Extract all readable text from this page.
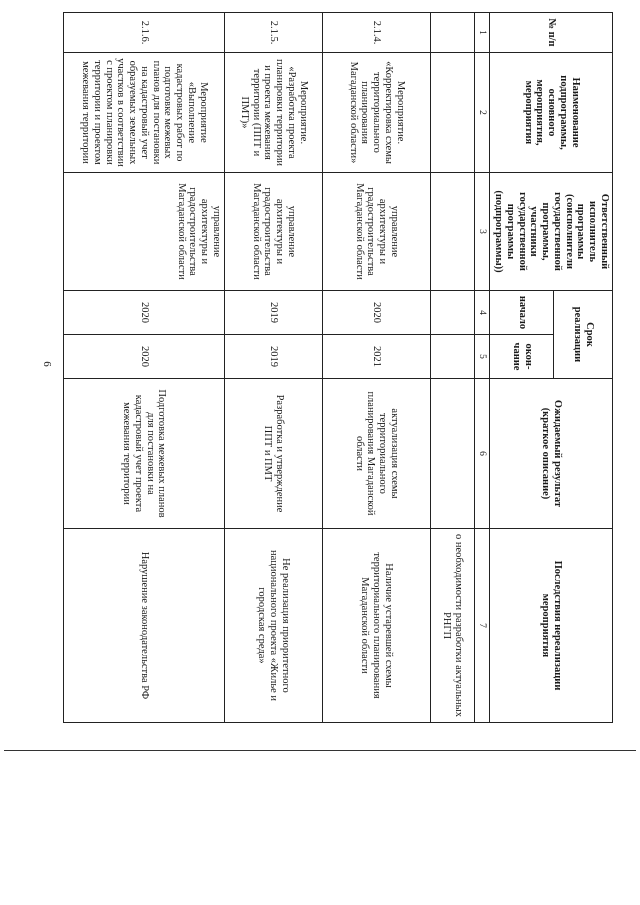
6
№ п/п	Наименование подпрограммы, основного мероприятия, мероприятия	Ответственный исполнитель программы (соисполнители государственной программы, участники государственной программы (подпрограммы))	Срок реализации		Ожидаемый результат (краткое описание)	Последствия нереализации мероприятия
			начало	окон-чание		
1	2	3	4	5	6	7
						о необходимости разработки актуальных РНГП
2.1.4.	Мероприятие. «Корректировка схемы территориального планирования Магаданской области»	управление архитектуры и градостроительства Магаданской области	2020	2021	актуализация схемы территориального планирования Магаданской области	Наличие устаревшей схемы территориального планирования Магаданской области
2.1.5.	Мероприятие. «Разработка проекта планировки территории и проекта межевания территории (ППТ и ПМТ)»	управление архитектуры и градостроительства Магаданской области	2019	2019	Разработка и утверждение ППТ и ПМТ	Не реализация приоритетного национального проекта «Жилье и городская среда»
2.1.6.	Мероприятие «Выполнение кадастровых работ по подготовке межевых планов для постановки на кадастровый учет образуемых земельных участков в соответствии с проектом планировки территории и проектом межевания территории	управление архитектуры и градостроительства Магаданской области	2020	2020	Подготовка межевых планов для постановки на кадастровый учет проекта межевания территории	Нарушение законодательства РФ
